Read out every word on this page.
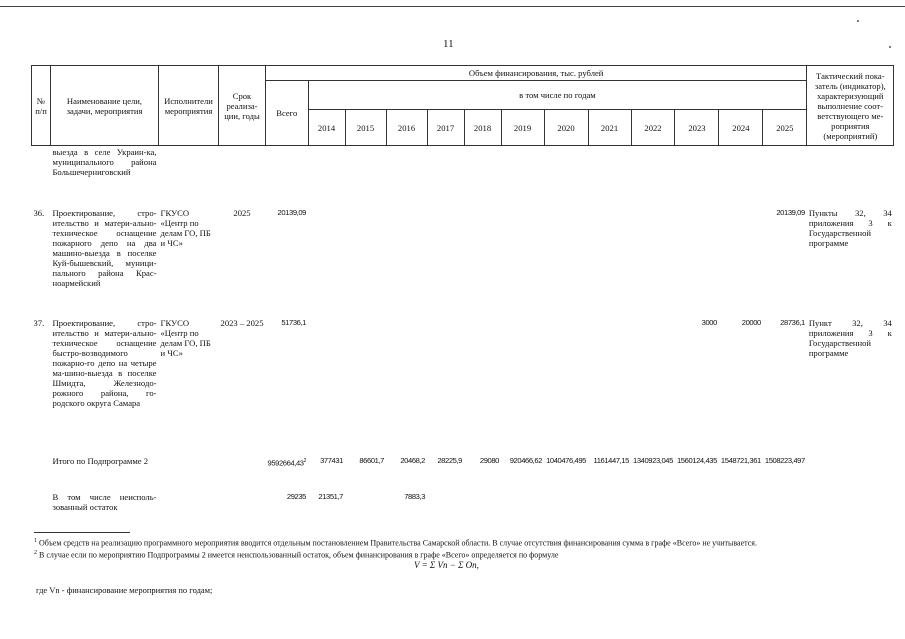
11
№ п/п	Наименование цели, задачи, мероприятия	Исполнители мероприятия	Срок реализа-ции, годы	Объем финансирования, тыс. рублей													Тактический пока-затель (индикатор), характеризующий выполнение соот-ветствующего ме-роприятия (мероприятий)
				Всего	в том числе по годам												
					2014	2015	2016	2017	2018	2019	2020	2021	2022	2023	2024	2025	
	выезда в селе Украин-ка, муниципального района Большечерниговский																
36.	Проектирование, стро-ительство и матери-ально-техническое оснащение пожарного депо на два машино-выезда в поселке Куй-бышевский, муници-пального района Крас-ноармейский	ГКУСО «Центр по делам ГО, ПБ и ЧС»	2025	20139,09												20139,09	Пункты 32, 34 приложения 3 к Государственной программе
37.	Проектирование, стро-ительство и матери-ально-техническое оснащение быстро-возводимого пожарно-го депо на четыре ма-шино-выезда в поселке Шмидта, Железнодо-рожного района, го-родского округа Самара	ГКУСО «Центр по делам ГО, ПБ и ЧС»	2023 – 2025	51736,1										3000	20000	28736,1	Пункт 32, 34 приложения 3 к Государственной программе
	Итого по Подпрограмме 2			9592664,43$^2$	377431	86601,7	20468,2	28225,9	29080	920466,62	1040476,495	1161447,15	1340923,045	1560124,435	1548721,361	1508223,497	
	В том числе неисполь-зованный остаток			29235	21351,7		7883,3										
$^1$ Объем средств на реализацию программного мероприятия вводится отдельным постановлением Правительства Самарской области. В случае отсутствия финансирования сумма в графе «Всего» не учитывается.
$^2$ В случае если по мероприятию Подпрограммы 2 имеется неиспользованный остаток, объем финансирования в графе «Всего» определяется по формуле
V = Σ Vn − Σ On,
где Vn - финансирование мероприятия по годам;
